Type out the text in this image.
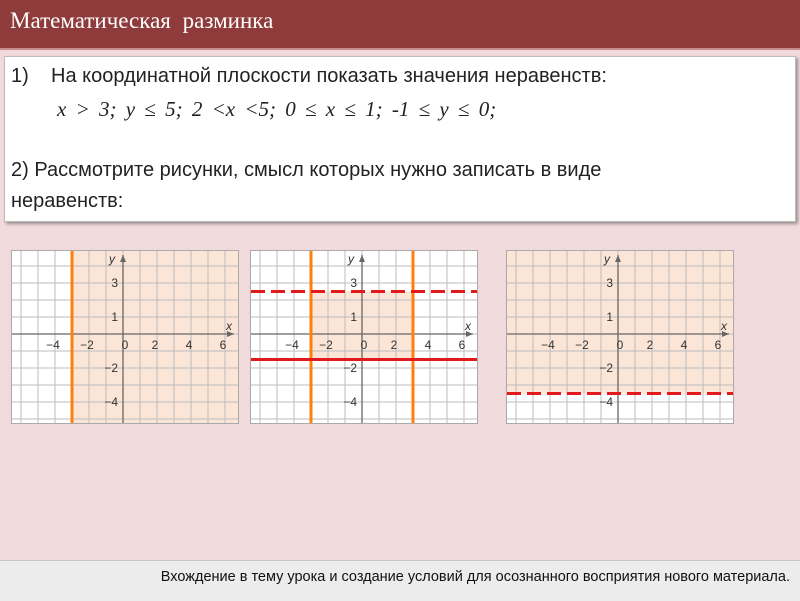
Математическая разминка
1) На координатной плоскости показать значения неравенств:
x > 3; y ≤ 5; 2 <x <5; 0 ≤ x ≤ 1; -1 ≤ y ≤ 0;
2) Рассмотрите рисунки, смысл которых нужно записать в виде
неравенств:
−4 −2 0 2 4 6
3
1
−2
−4
x
y
−4 −2 0 2 4 6
3
1
−2
−4
x
y
−4 −2 0 2 4 6
3
1
−2
−4
x
y
Вхождение в тему урока и создание условий для осознанного восприятия нового материала.
